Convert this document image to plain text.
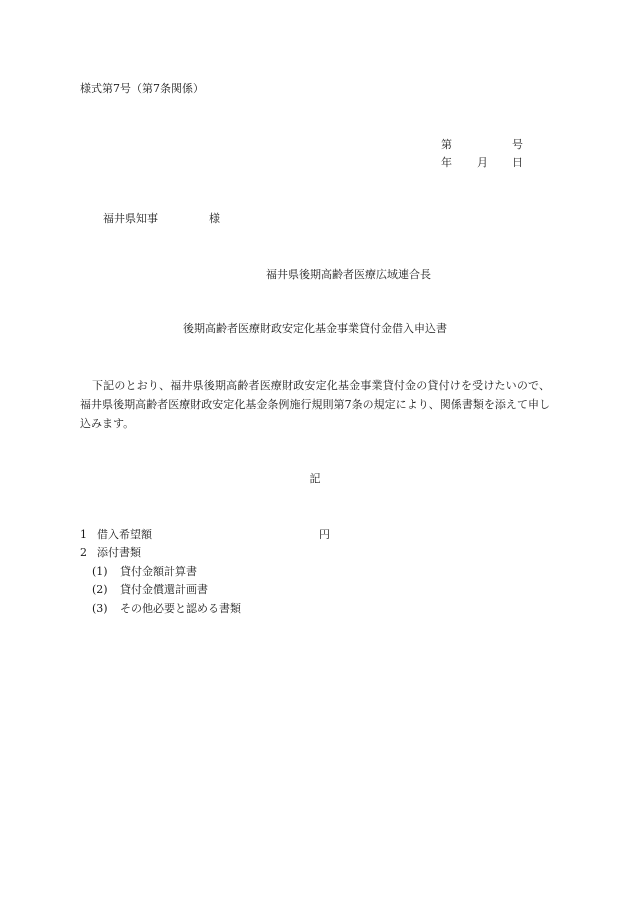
様式第7号（第7条関係）
第	号
年 月 日
福井県知事	様
福井県後期高齢者医療広域連合長
後期高齢者医療財政安定化基金事業貸付金借入申込書
下記のとおり、福井県後期高齢者医療財政安定化基金事業貸付金の貸付けを受けたいので、福井県後期高齢者医療財政安定化基金条例施行規則第7条の規定により、関係書類を添えて申し込みます。
記
1 借入希望額	円
2 添付書類
(1) 貸付金額計算書
(2) 貸付金償還計画書
(3) その他必要と認める書類
